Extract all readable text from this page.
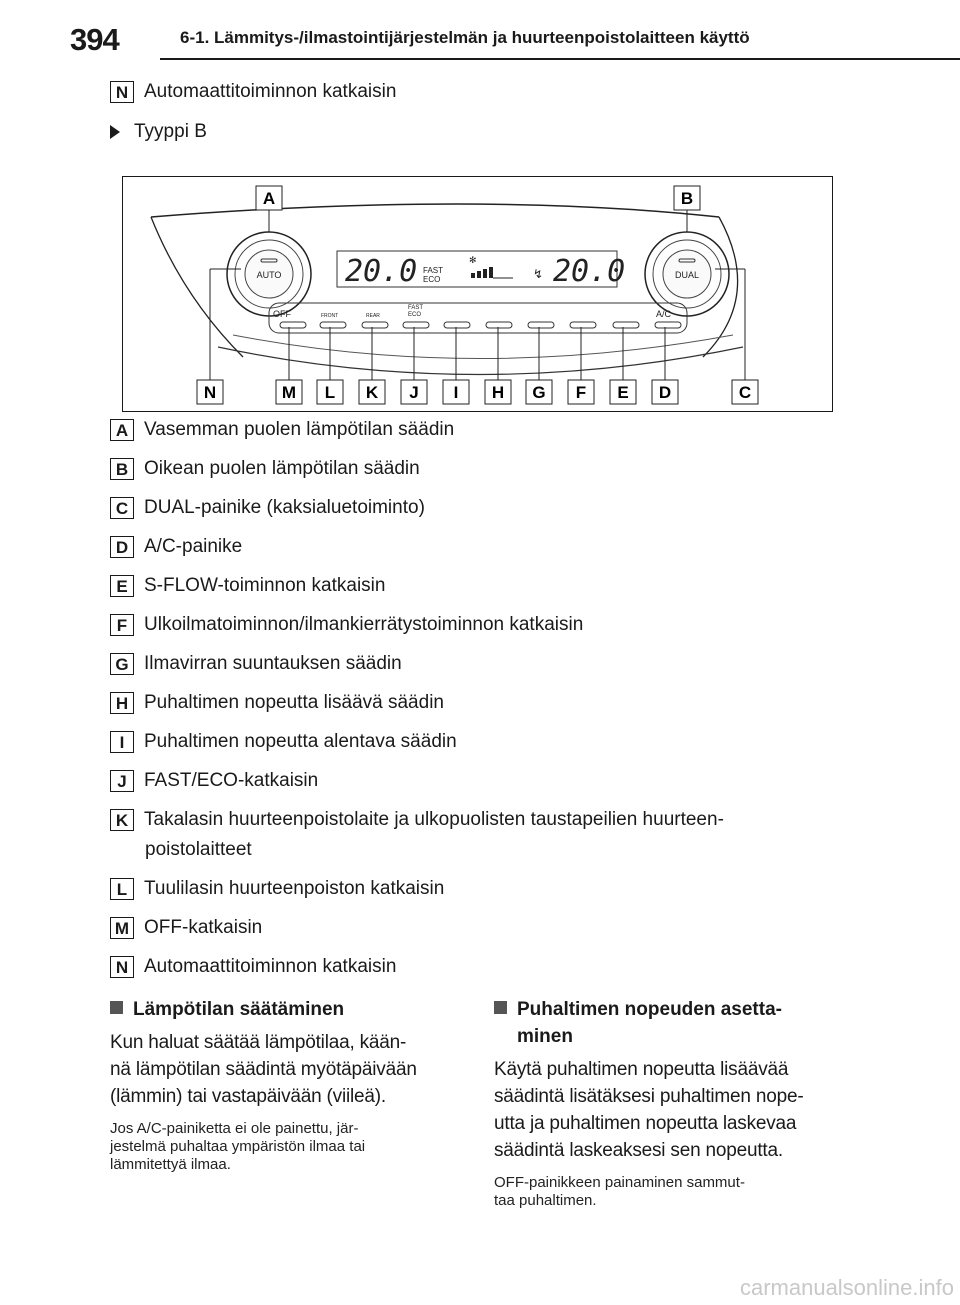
394	6-1. Lämmitys-/ilmastointijärjestelmän ja huurteenpoistolaitteen käyttö
N Automaattitoiminnon katkaisin
Tyyppi B
AUTO	DUAL
20.0 FAST
ECO
✻
↯ 20.0
OFF	FRONT	REAR
FAST
ECO	A/C
N	M L K J I H G F E D	C
A	B
A Vasemman puolen lämpötilan säädin
B Oikean puolen lämpötilan säädin
C DUAL-painike (kaksialuetoiminto)
D A/C-painike
E S-FLOW-toiminnon katkaisin
F Ulkoilmatoiminnon/ilmankierrätystoiminnon katkaisin
G Ilmavirran suuntauksen säädin
H Puhaltimen nopeutta lisäävä säädin
I Puhaltimen nopeutta alentava säädin
J FAST/ECO-katkaisin
K Takalasin huurteenpoistolaite ja ulkopuolisten taustapeilien huurteen-
poistolaitteet
L Tuulilasin huurteenpoiston katkaisin
M OFF-katkaisin
N Automaattitoiminnon katkaisin
Lämpötilan säätäminen
Kun haluat säätää lämpötilaa, kään-
nä lämpötilan säädintä myötäpäivään
(lämmin) tai vastapäivään (viileä).
Jos A/C-painiketta ei ole painettu, jär-
jestelmä puhaltaa ympäristön ilmaa tai
lämmitettyä ilmaa.
Puhaltimen nopeuden asetta-
minen
Käytä puhaltimen nopeutta lisäävää
säädintä lisätäksesi puhaltimen nope-
utta ja puhaltimen nopeutta laskevaa
säädintä laskeaksesi sen nopeutta.
OFF-painikkeen painaminen sammut-
taa puhaltimen.
carmanualsonline.info
